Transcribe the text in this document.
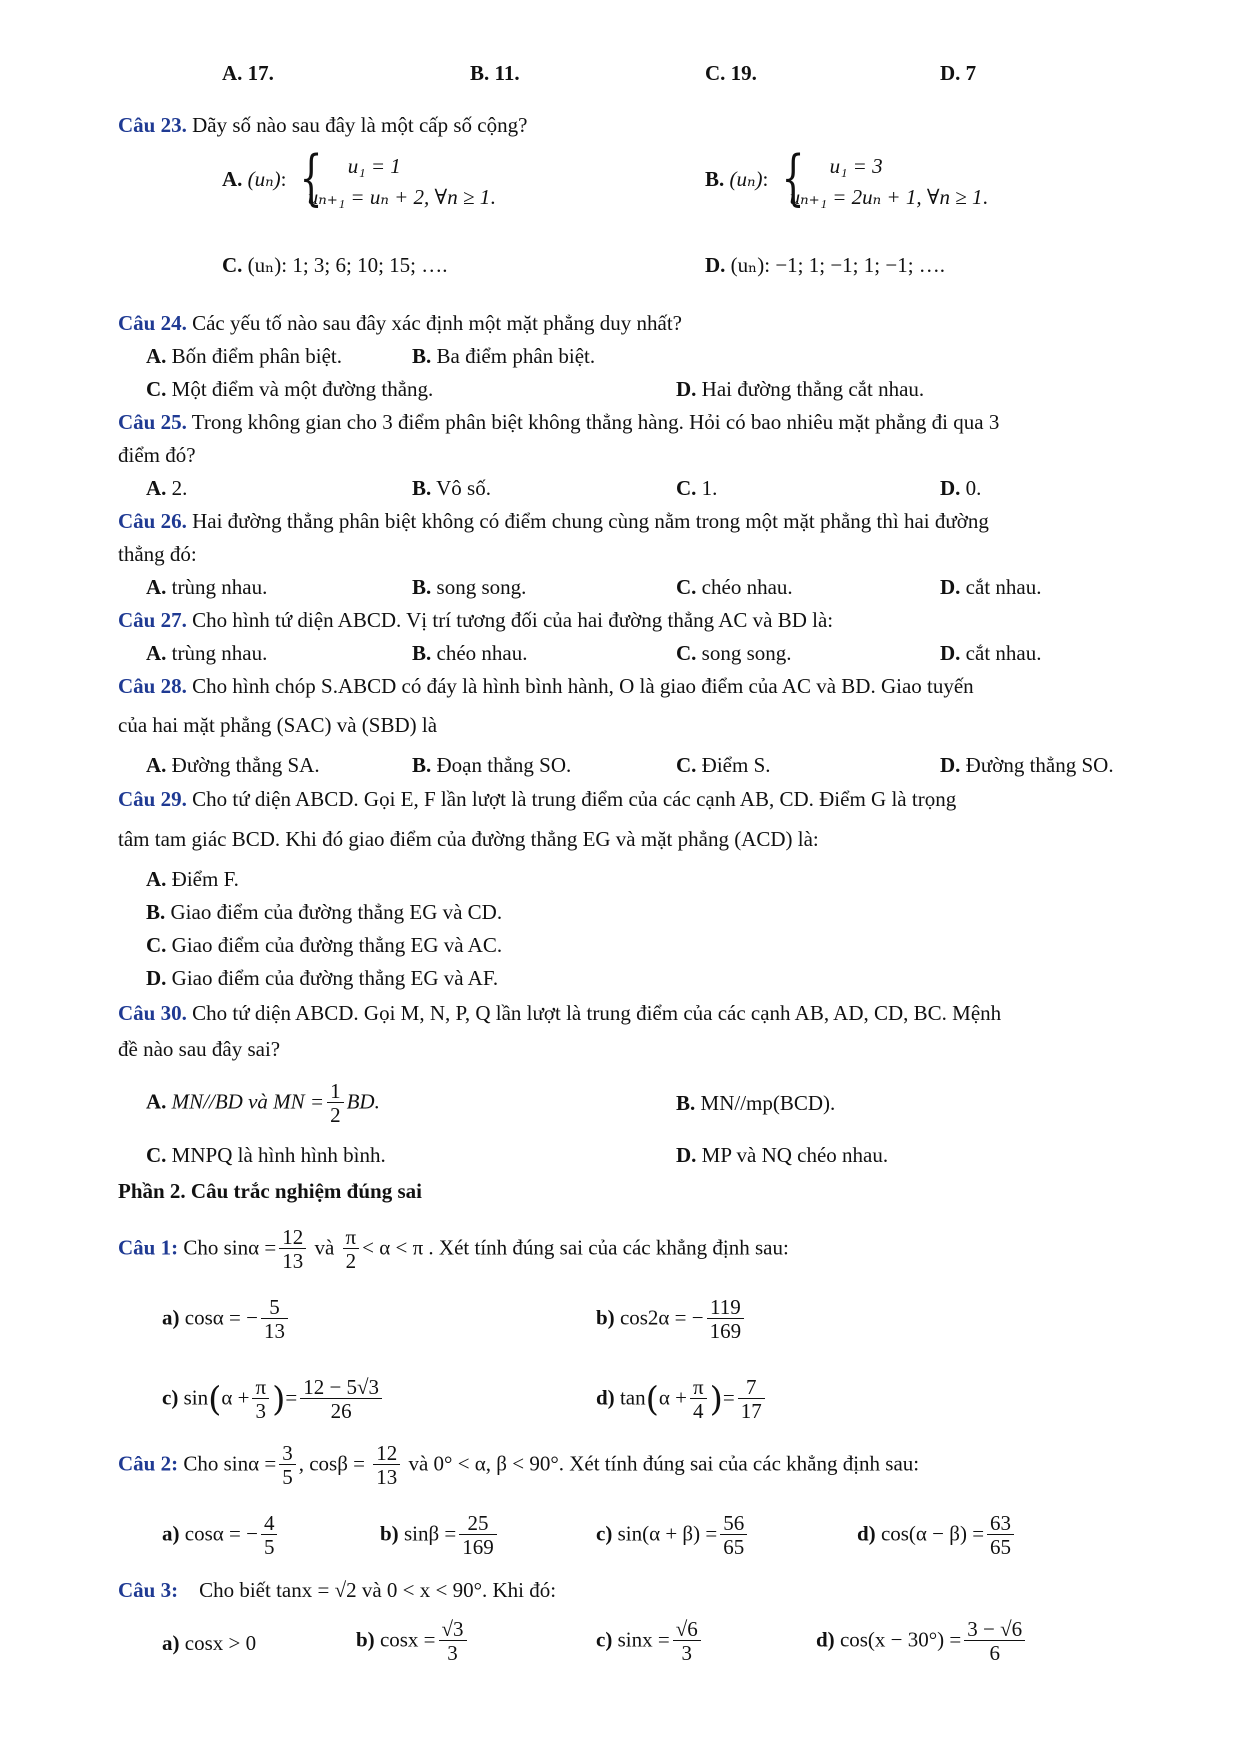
A. 17.	B. 11.	C. 19.	D. 7
Câu 23. Dãy số nào sau đây là một cấp số cộng?
A. (uₙ): {	u₁ = 1
uₙ₊₁ = uₙ + 2, ∀n ≥ 1.
B. (uₙ): {	u₁ = 3
uₙ₊₁ = 2uₙ + 1, ∀n ≥ 1.
C. (uₙ): 1; 3; 6; 10; 15; ….	D. (uₙ): −1; 1; −1; 1; −1; ….
Câu 24. Các yếu tố nào sau đây xác định một mặt phẳng duy nhất?
A. Bốn điểm phân biệt.	B. Ba điểm phân biệt.
C. Một điểm và một đường thẳng.	D. Hai đường thẳng cắt nhau.
Câu 25. Trong không gian cho 3 điểm phân biệt không thẳng hàng. Hỏi có bao nhiêu mặt phẳng đi qua 3
điểm đó?
A. 2.	B. Vô số.	C. 1.	D. 0.
Câu 26. Hai đường thẳng phân biệt không có điểm chung cùng nằm trong một mặt phẳng thì hai đường
thẳng đó:
A. trùng nhau.	B. song song.	C. chéo nhau.	D. cắt nhau.
Câu 27. Cho hình tứ diện ABCD. Vị trí tương đối của hai đường thẳng AC và BD là:
A. trùng nhau.	B. chéo nhau.	C. song song.	D. cắt nhau.
Câu 28. Cho hình chóp S.ABCD có đáy là hình bình hành, O là giao điểm của AC và BD. Giao tuyến
của hai mặt phẳng (SAC) và (SBD) là
A. Đường thẳng SA.	B. Đoạn thẳng SO.	C. Điểm S.	D. Đường thẳng SO.
Câu 29. Cho tứ diện ABCD. Gọi E, F lần lượt là trung điểm của các cạnh AB, CD. Điểm G là trọng
tâm tam giác BCD. Khi đó giao điểm của đường thẳng EG và mặt phẳng (ACD) là:
A. Điểm F.
B. Giao điểm của đường thẳng EG và CD.
C. Giao điểm của đường thẳng EG và AC.
D. Giao điểm của đường thẳng EG và AF.
Câu 30. Cho tứ diện ABCD. Gọi M, N, P, Q lần lượt là trung điểm của các cạnh AB, AD, CD, BC. Mệnh
đề nào sau đây sai?
A. MN//BD và MN = $\frac{1}{2}$ BD.	B. MN//mp(BCD).
C. MNPQ là hình hình bình.	D. MP và NQ chéo nhau.
Phần 2. Câu trắc nghiệm đúng sai
Câu 1: Cho $\sin\alpha = \frac{12}{13}$ và $\frac{\pi}{2} < \alpha < \pi$ . Xét tính đúng sai của các khẳng định sau:
a) cosα = − $\frac{5}{13}$	b) cos2α = − $\frac{119}{169}$
c) $\sin(\alpha + \frac{\pi}{3}$ )= $\frac{12 - 5√3}{26}$	d) $\tan(\alpha + \frac{\pi}{4}$ )= $\frac{7}{17}$
Câu 2: Cho $\sin\alpha = \frac{3}{5}$ , $\cos\beta = \frac{12}{13}$ và 0° < α, β < 90°. Xét tính đúng sai của các khẳng định sau:
a) cosα = − $\frac{4}{5}$	b) $\sin\beta = \frac{25}{169}$	c) $\sin(\alpha + \beta) = \frac{56}{65}$	d) $\cos(\alpha - \beta) = \frac{63}{65}$
Câu 3: Cho biết tanx = √2 và 0 < x < 90°. Khi đó:
a) cosx > 0	b) $\cos x = \frac{√3}{3}$	c) $\sin x = \frac{√6}{3}$	d) $\cos(x - 30^\circ) = \frac{3 - √6}{6}$
